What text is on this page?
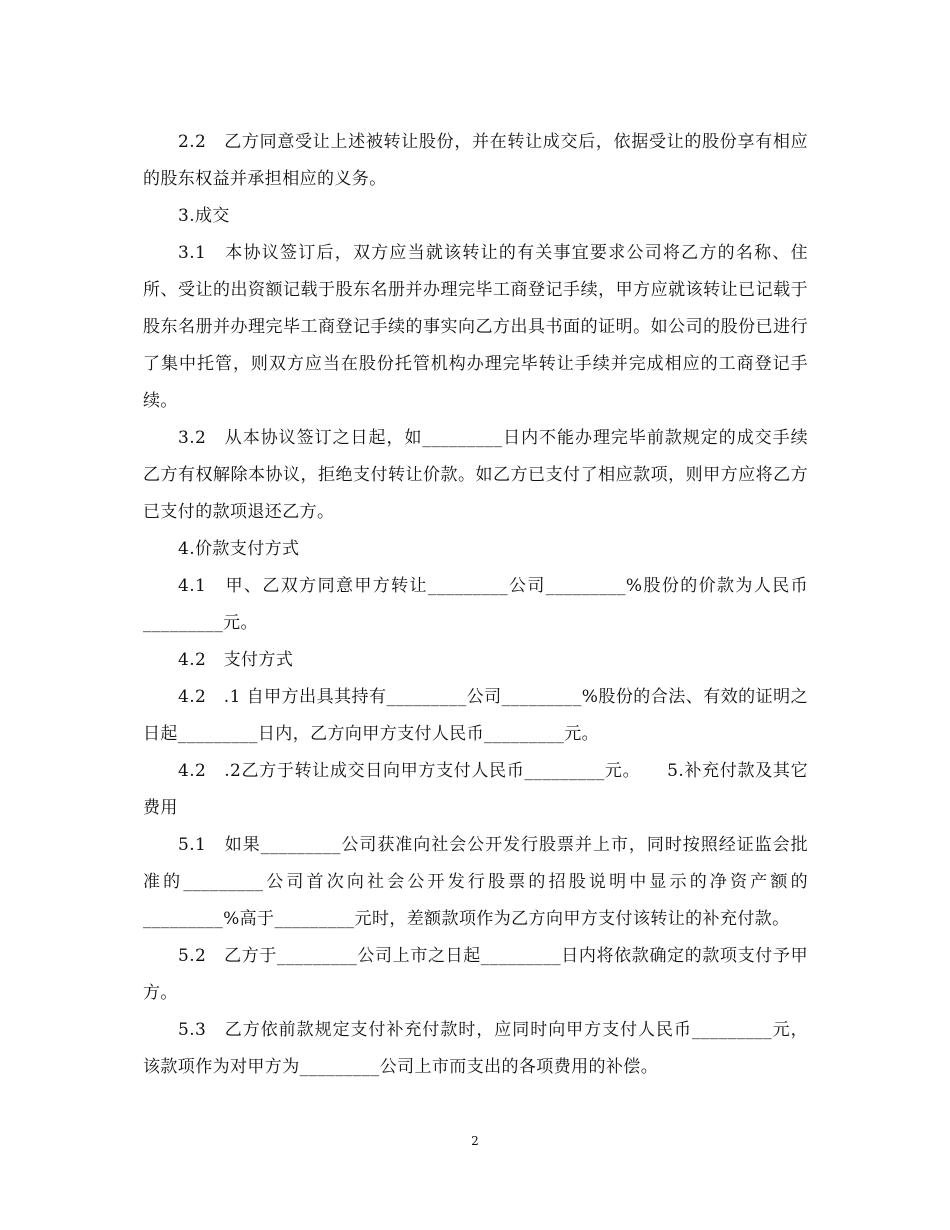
2.2　乙方同意受让上述被转让股份，并在转让成交后，依据受让的股份享有相应的股东权益并承担相应的义务。

3.成交

3.1　本协议签订后，双方应当就该转让的有关事宜要求公司将乙方的名称、住所、受让的出资额记载于股东名册并办理完毕工商登记手续，甲方应就该转让已记载于股东名册并办理完毕工商登记手续的事实向乙方出具书面的证明。如公司的股份已进行了集中托管，则双方应当在股份托管机构办理完毕转让手续并完成相应的工商登记手续。

3.2　从本协议签订之日起，如_________日内不能办理完毕前款规定的成交手续乙方有权解除本协议，拒绝支付转让价款。如乙方已支付了相应款项，则甲方应将乙方已支付的款项退还乙方。

4.价款支付方式

4.1　甲、乙双方同意甲方转让_________公司_________%股份的价款为人民币_________元。

4.2　支付方式

4.2　.1 自甲方出具其持有_________公司_________%股份的合法、有效的证明之日起_________日内，乙方向甲方支付人民币_________元。

4.2　.2乙方于转让成交日向甲方支付人民币_________元。　　5.补充付款及其它费用

5.1　如果_________公司获准向社会公开发行股票并上市，同时按照经证监会批准的_________公司首次向社会公开发行股票的招股说明中显示的净资产额的_________%高于_________元时，差额款项作为乙方向甲方支付该转让的补充付款。

5.2　乙方于_________公司上市之日起_________日内将依款确定的款项支付予甲方。

5.3　乙方依前款规定支付补充付款时，应同时向甲方支付人民币_________元，该款项作为对甲方为_________公司上市而支出的各项费用的补偿。

2
